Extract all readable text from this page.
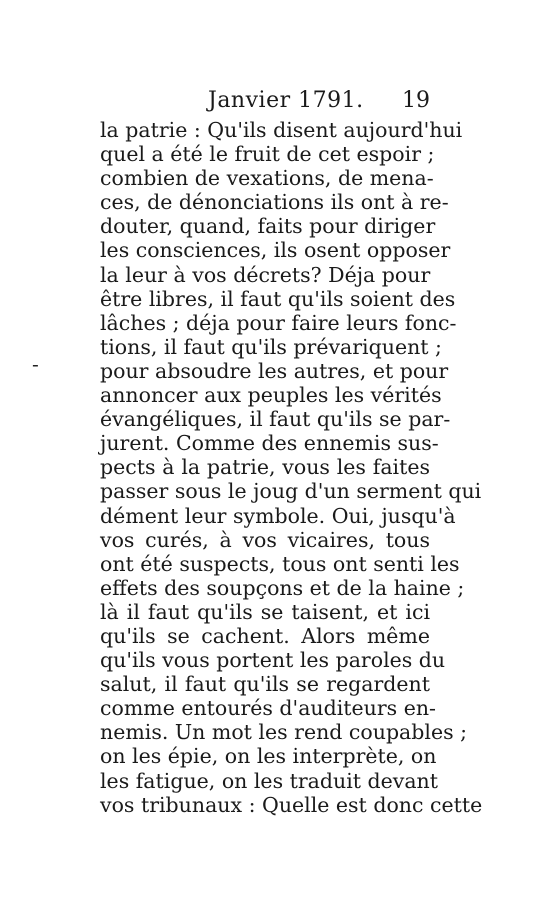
Janvier 1791. 19
-
la patrie : Qu'ils disent aujourd'hui
quel a été le fruit de cet espoir ;
combien de vexations, de mena-
ces, de dénonciations ils ont à re-
douter, quand, faits pour diriger
les consciences, ils osent opposer
la leur à vos décrets? Déja pour
être libres, il faut qu'ils soient des
lâches ; déja pour faire leurs fonc-
tions, il faut qu'ils prévariquent ;
pour absoudre les autres, et pour
annoncer aux peuples les vérités
évangéliques, il faut qu'ils se par-
jurent. Comme des ennemis sus-
pects à la patrie, vous les faites
passer sous le joug d'un serment qui
dément leur symbole. Oui, jusqu'à
vos curés, à vos vicaires, tous
ont été suspects, tous ont senti les
effets des soupçons et de la haine ;
là il faut qu'ils se taisent, et ici
qu'ils se cachent. Alors même
qu'ils vous portent les paroles du
salut, il faut qu'ils se regardent
comme entourés d'auditeurs en-
nemis. Un mot les rend coupables ;
on les épie, on les interprète, on
les fatigue, on les traduit devant
vos tribunaux : Quelle est donc cette
